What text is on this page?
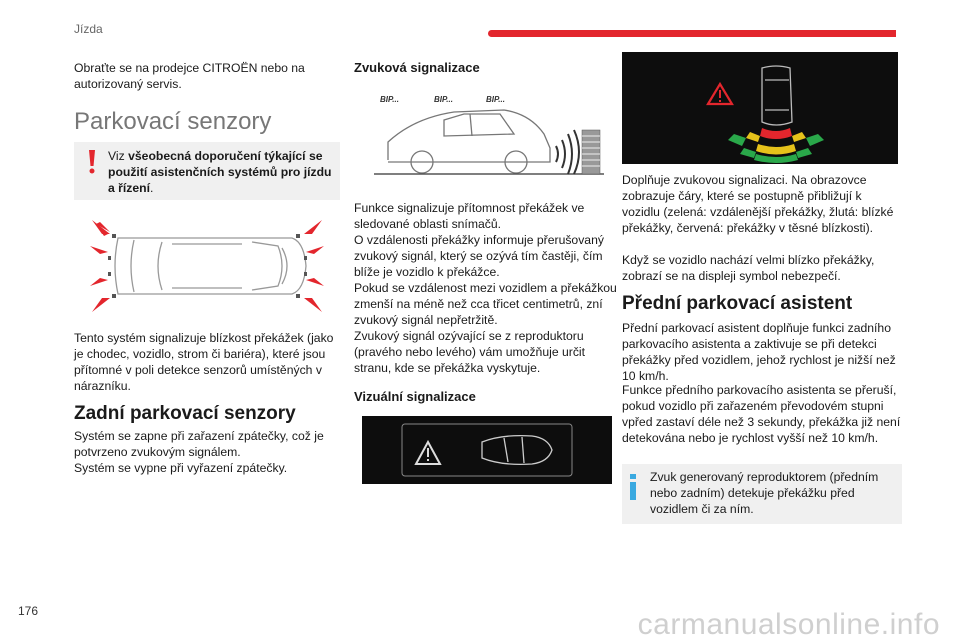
Jízda
176	carmanualsonline.info

Obraťte se na prodejce CITROËN nebo na autorizovaný servis.

Parkovací senzory

Viz všeobecná doporučení týkající se použití asistenčních systémů pro jízdu a řízení.

Tento systém signalizuje blízkost překážek (jako je chodec, vozidlo, strom či bariéra), které jsou přítomné v poli detekce senzorů umístěných v nárazníku.

Zadní parkovací senzory

Systém se zapne při zařazení zpátečky, což je potvrzeno zvukovým signálem.

Systém se vypne při vyřazení zpátečky.

Zvuková signalizace
BIP...	BIP...	BIP...

Funkce signalizuje přítomnost překážek ve sledované oblasti snímačů.

O vzdálenosti překážky informuje přerušovaný zvukový signál, který se ozývá tím častěji, čím blíže je vozidlo k překážce.

Pokud se vzdálenost mezi vozidlem a překážkou zmenší na méně než cca třicet centimetrů, zní zvukový signál nepřetržitě.

Zvukový signál ozývající se z reproduktoru (pravého nebo levého) vám umožňuje určit stranu, kde se překážka vyskytuje.

Vizuální signalizace

Doplňuje zvukovou signalizaci. Na obrazovce zobrazuje čáry, které se postupně přibližují k vozidlu (zelená: vzdálenější překážky, žlutá: blízké překážky, červená: překážky v těsné blízkosti).

Když se vozidlo nachází velmi blízko překážky, zobrazí se na displeji symbol nebezpečí.

Přední parkovací asistent

Přední parkovací asistent doplňuje funkci zadního parkovacího asistenta a zaktivuje se při detekci překážky před vozidlem, jehož rychlost je nižší než 10 km/h.

Funkce předního parkovacího asistenta se přeruší, pokud vozidlo při zařazeném převodovém stupni vpřed zastaví déle než 3 sekundy, překážka již není detekována nebo je rychlost vyšší než 10 km/h.

Zvuk generovaný reproduktorem (předním nebo zadním) detekuje překážku před vozidlem či za ním.
